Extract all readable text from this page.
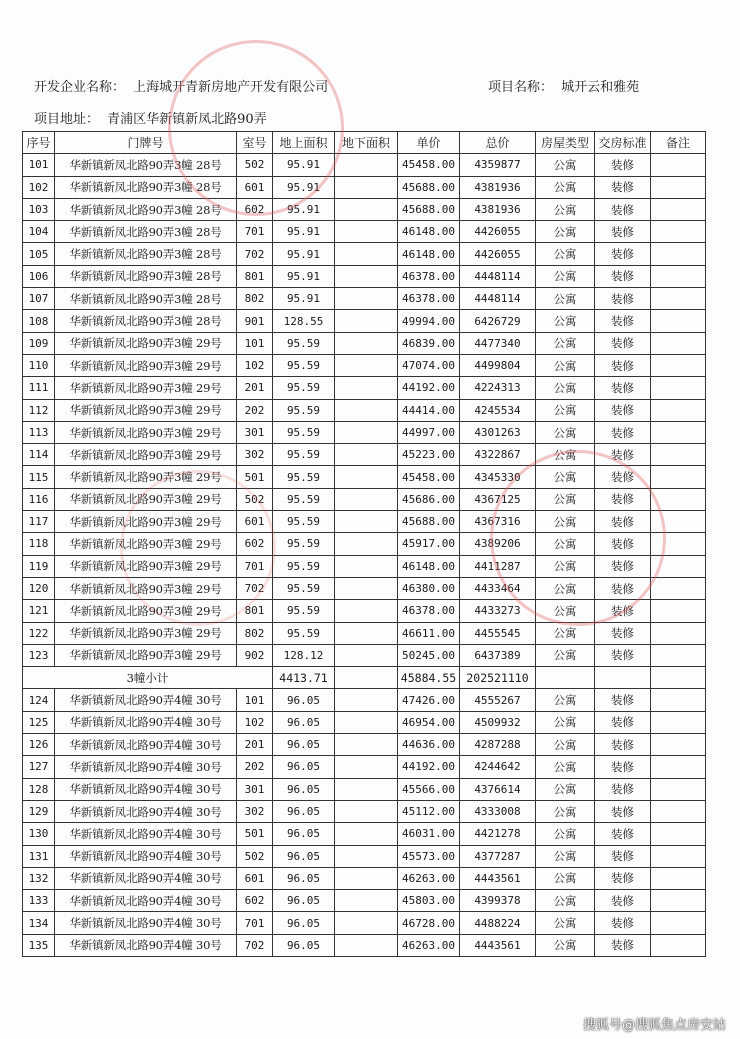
开发企业名称： 上海城开青新房地产开发有限公司	项目名称： 城开云和雅苑
项目地址： 青浦区华新镇新凤北路90弄
序号	门牌号	室号	地上面积	地下面积	单价	总价	房屋类型	交房标准	备注
101	华新镇新凤北路90弄3幢 28号	502	95.91		45458.00	4359877	公寓	装修	
102	华新镇新凤北路90弄3幢 28号	601	95.91		45688.00	4381936	公寓	装修	
103	华新镇新凤北路90弄3幢 28号	602	95.91		45688.00	4381936	公寓	装修	
104	华新镇新凤北路90弄3幢 28号	701	95.91		46148.00	4426055	公寓	装修	
105	华新镇新凤北路90弄3幢 28号	702	95.91		46148.00	4426055	公寓	装修	
106	华新镇新凤北路90弄3幢 28号	801	95.91		46378.00	4448114	公寓	装修	
107	华新镇新凤北路90弄3幢 28号	802	95.91		46378.00	4448114	公寓	装修	
108	华新镇新凤北路90弄3幢 28号	901	128.55		49994.00	6426729	公寓	装修	
109	华新镇新凤北路90弄3幢 29号	101	95.59		46839.00	4477340	公寓	装修	
110	华新镇新凤北路90弄3幢 29号	102	95.59		47074.00	4499804	公寓	装修	
111	华新镇新凤北路90弄3幢 29号	201	95.59		44192.00	4224313	公寓	装修	
112	华新镇新凤北路90弄3幢 29号	202	95.59		44414.00	4245534	公寓	装修	
113	华新镇新凤北路90弄3幢 29号	301	95.59		44997.00	4301263	公寓	装修	
114	华新镇新凤北路90弄3幢 29号	302	95.59		45223.00	4322867	公寓	装修	
115	华新镇新凤北路90弄3幢 29号	501	95.59		45458.00	4345330	公寓	装修	
116	华新镇新凤北路90弄3幢 29号	502	95.59		45686.00	4367125	公寓	装修	
117	华新镇新凤北路90弄3幢 29号	601	95.59		45688.00	4367316	公寓	装修	
118	华新镇新凤北路90弄3幢 29号	602	95.59		45917.00	4389206	公寓	装修	
119	华新镇新凤北路90弄3幢 29号	701	95.59		46148.00	4411287	公寓	装修	
120	华新镇新凤北路90弄3幢 29号	702	95.59		46380.00	4433464	公寓	装修	
121	华新镇新凤北路90弄3幢 29号	801	95.59		46378.00	4433273	公寓	装修	
122	华新镇新凤北路90弄3幢 29号	802	95.59		46611.00	4455545	公寓	装修	
123	华新镇新凤北路90弄3幢 29号	902	128.12		50245.00	6437389	公寓	装修	
3幢小计			4413.71		45884.55	202521110			
124	华新镇新凤北路90弄4幢 30号	101	96.05		47426.00	4555267	公寓	装修	
125	华新镇新凤北路90弄4幢 30号	102	96.05		46954.00	4509932	公寓	装修	
126	华新镇新凤北路90弄4幢 30号	201	96.05		44636.00	4287288	公寓	装修	
127	华新镇新凤北路90弄4幢 30号	202	96.05		44192.00	4244642	公寓	装修	
128	华新镇新凤北路90弄4幢 30号	301	96.05		45566.00	4376614	公寓	装修	
129	华新镇新凤北路90弄4幢 30号	302	96.05		45112.00	4333008	公寓	装修	
130	华新镇新凤北路90弄4幢 30号	501	96.05		46031.00	4421278	公寓	装修	
131	华新镇新凤北路90弄4幢 30号	502	96.05		45573.00	4377287	公寓	装修	
132	华新镇新凤北路90弄4幢 30号	601	96.05		46263.00	4443561	公寓	装修	
133	华新镇新凤北路90弄4幢 30号	602	96.05		45803.00	4399378	公寓	装修	
134	华新镇新凤北路90弄4幢 30号	701	96.05		46728.00	4488224	公寓	装修	
135	华新镇新凤北路90弄4幢 30号	702	96.05		46263.00	4443561	公寓	装修	
搜狐号@搜狐焦点房安站
